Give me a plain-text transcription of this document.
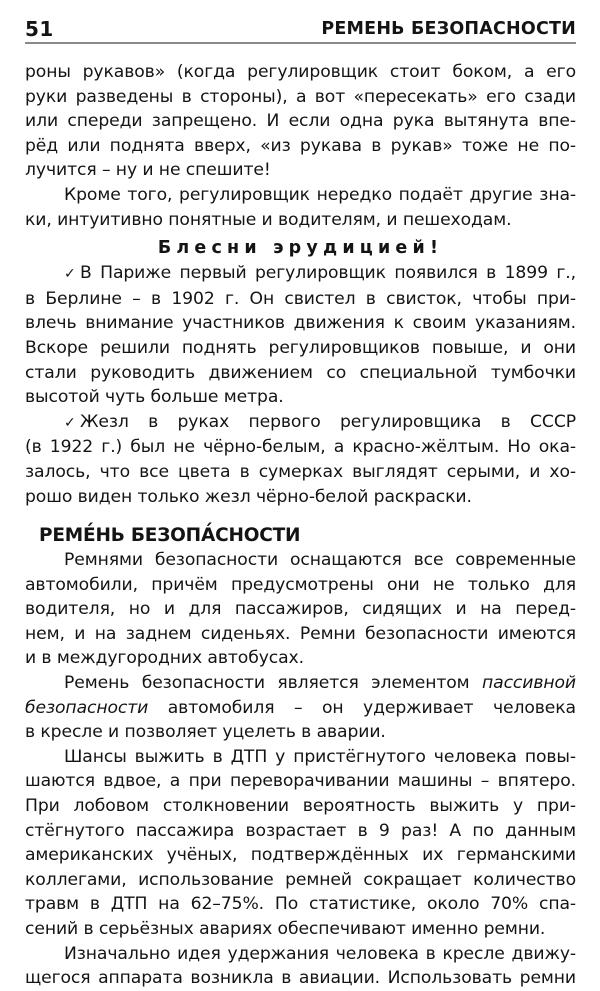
51	РЕМЕНЬ БЕЗОПАСНОСТИ

роны рукавов» (когда регулировщик стоит боком, а его
руки разведены в стороны), а вот «пересекать» его сзади
или спереди запрещено. И если одна рука вытянута впе-
рёд или поднята вверх, «из рукава в рукав» тоже не по-
лучится – ну и не спешите!

Кроме того, регулировщик нередко подаёт другие зна-
ки, интуитивно понятные и водителям, и пешеходам.

Блесни эрудицией!

✓ В Париже первый регулировщик появился в 1899 г.,
в Берлине – в 1902 г. Он свистел в свисток, чтобы при-
влечь внимание участников движения к своим указаниям.
Вскоре решили поднять регулировщиков повыше, и они
стали руководить движением со специальной тумбочки
высотой чуть больше метра.

✓ Жезл в руках первого регулировщика в СССР
(в 1922 г.) был не чёрно-белым, а красно-жёлтым. Но ока-
залось, что все цвета в сумерках выглядят серыми, и хо-
рошо виден только жезл чёрно-белой раскраски.

РЕМЕ́НЬ БЕЗОПА́СНОСТИ

Ремнями безопасности оснащаются все современные
автомобили, причём предусмотрены они не только для
водителя, но и для пассажиров, сидящих и на перед-
нем, и на заднем сиденьях. Ремни безопасности имеются
и в междугородних автобусах.

Ремень безопасности является элементом пассивной
безопасности автомобиля – он удерживает человека
в кресле и позволяет уцелеть в аварии.

Шансы выжить в ДТП у пристёгнутого человека повы-
шаются вдвое, а при переворачивании машины – впятеро.
При лобовом столкновении вероятность выжить у при-
стёгнутого пассажира возрастает в 9 раз! А по данным
американских учёных, подтверждённых их германскими
коллегами, использование ремней сокращает количество
травм в ДТП на 62–75%. По статистике, около 70% спа-
сений в серьёзных авариях обеспечивают именно ремни.

Изначально идея удержания человека в кресле движу-
щегося аппарата возникла в авиации. Использовать ремни
